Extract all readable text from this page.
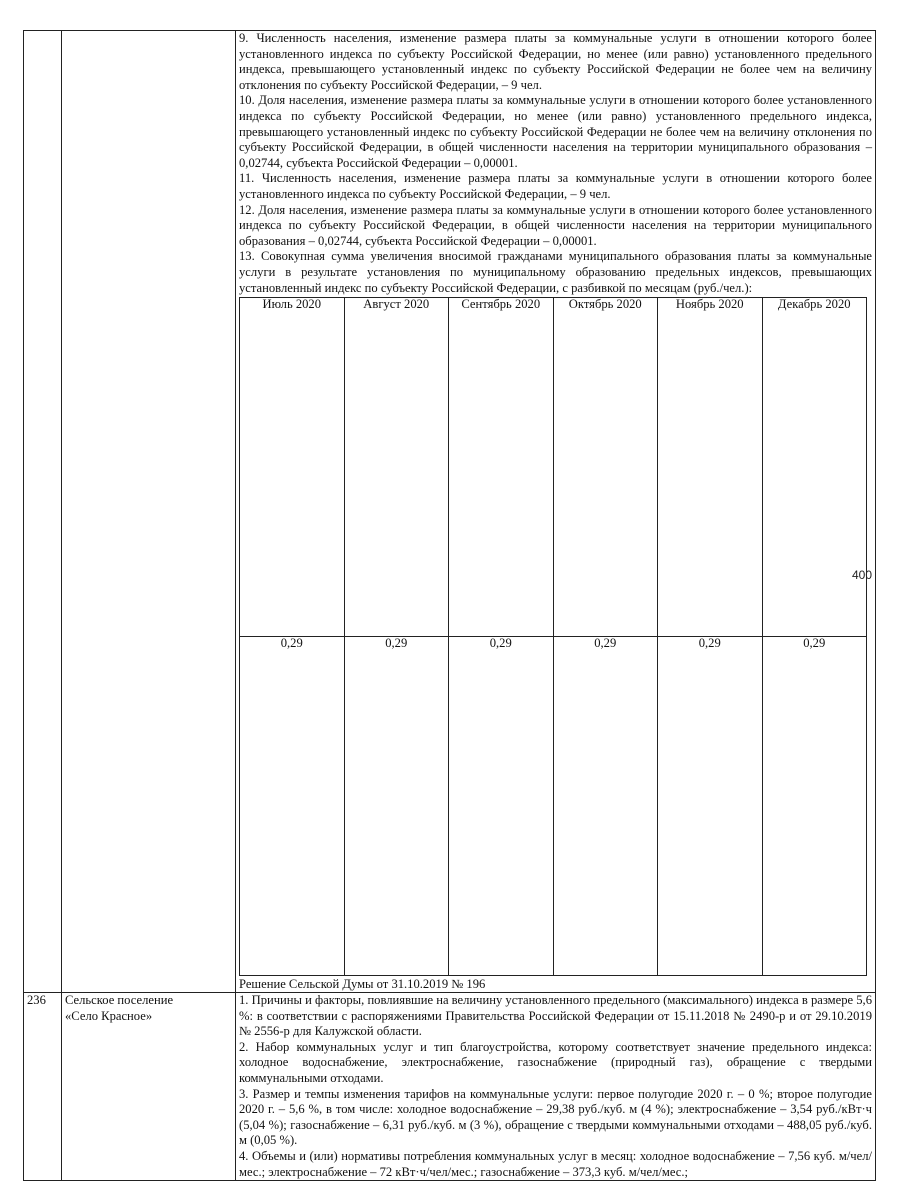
9. Численность населения, изменение размера платы за коммунальные услуги в отношении которого более установленного индекса по субъекту Российской Федерации, но менее (или равно) установленного предельного индекса, превышающего установленный индекс по субъекту Российской Федерации не более чем на величину отклонения по субъекту Российской Федерации, – 9 чел.

10. Доля населения, изменение размера платы за коммунальные услуги в отношении которого более установленного индекса по субъекту Российской Федерации, но менее (или равно) установленного предельного индекса, превышающего установленный индекс по субъекту Российской Федерации не более чем на величину отклонения по субъекту Российской Федерации, в общей численности населения на территории муниципального образования – 0,02744, субъекта Российской Федерации – 0,00001.

11. Численность населения, изменение размера платы за коммунальные услуги в отношении которого более установленного индекса по субъекту Российской Федерации, – 9 чел.

12. Доля населения, изменение размера платы за коммунальные услуги в отношении которого более установленного индекса по субъекту Российской Федерации, в общей численности населения на территории муниципального образования – 0,02744, субъекта Российской Федерации – 0,00001.

13. Совокупная сумма увеличения вносимой гражданами муниципального образования платы за коммунальные услуги в результате установления по муниципальному образованию предельных индексов, превышающих установленный индекс по субъекту Российской Федерации, с разбивкой по месяцам (руб./чел.):

Июль 2020	Август 2020	Сентябрь 2020	Октябрь 2020	Ноябрь 2020	Декабрь 2020
0,29	0,29	0,29	0,29	0,29	0,29

Решение Сельской Думы от 31.10.2019 № 196

236	Сельское поселение
«Село Красное»

1. Причины и факторы, повлиявшие на величину установленного предельного (максимального) индекса в размере 5,6 %: в соответствии с распоряжениями Правительства Российской Федерации от 15.11.2018 № 2490-р и от 29.10.2019 № 2556-р для Калужской области.

2. Набор коммунальных услуг и тип благоустройства, которому соответствует значение предельного индекса: холодное водоснабжение, электроснабжение, газоснабжение (природный газ), обращение с твердыми коммунальными отходами.

3. Размер и темпы изменения тарифов на коммунальные услуги: первое полугодие 2020 г. – 0 %; второе полугодие 2020 г. – 5,6 %, в том числе: холодное водоснабжение – 29,38 руб./куб. м (4 %); электроснабжение – 3,54 руб./кВт·ч (5,04 %); газоснабжение – 6,31 руб./куб. м (3 %), обращение с твердыми коммунальными отходами – 488,05 руб./куб. м (0,05 %).

4. Объемы и (или) нормативы потребления коммунальных услуг в месяц: холодное водоснабжение – 7,56 куб. м/чел/мес.; электроснабжение – 72 кВт·ч/чел/мес.; газоснабжение – 373,3 куб. м/чел/мес.;

400
